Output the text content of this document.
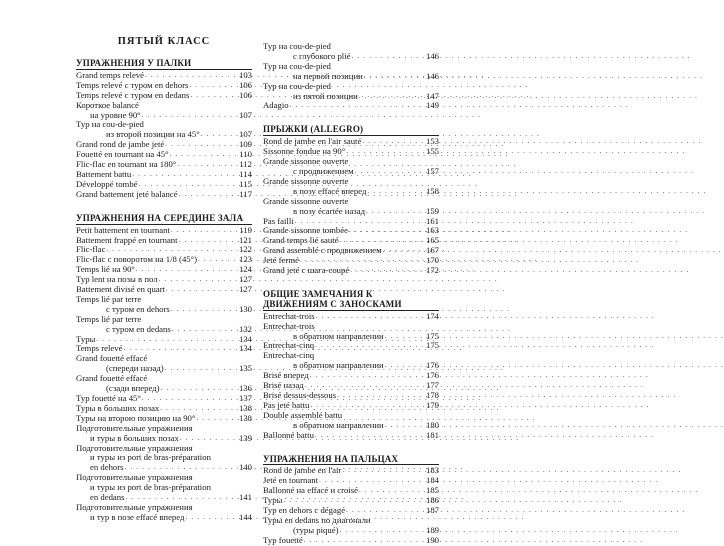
ПЯТЫЙ КЛАСС
УПРАЖНЕНИЯ У ПАЛКИ
Grand temps relevé . . .	103
Temps relevé с туром en dehors . . .	106
Temps relevé с туром en dedans . . .	106
Короткое balancé
на уровне 90° . . .	107
Тур на cou-de-pied
из второй позиции на 45° . . .	107
Grand rond de jambe jeté . . .	109
Fouetté en tournant на 45° . . .	110
Flic-flac en tournant на 180° . . .	112
Battement battu . . .	114
Développé tombé . . .	115
Grand battement jeté balancé . . .	117
УПРАЖНЕНИЯ НА СЕРЕДИНЕ ЗАЛА
Petit battement en tournant . . .	119
Battement frappé en tournant . . .	121
Flic-flac . . .	122
Flic-flac с поворотом на 1/8 (45°) . . .	123
Temps lié на 90° . . .	124
Тур lent на позы в пол . . .	127
Battement divisé en quart . . .	127
Temps lié par terre
с туром en dehors . . .	130
Temps lié par terre
с туром en dedans . . .	132
Туры . . .	134
Temps relevé . . .	134
Grand fouetté effacé
(спереди назад) . . .	135
Grand fouetté effacé
(сзади вперед) . . .	136
Тур fouetté на 45° . . .	137
Туры в больших позах . . .	138
Туры на второю позицию на 90° . . .	138
Подготовительные упражнения
и туры в больших позах . . .	139
Подготовительные упражнения
и туры из port de bras-préparation
en dehors . . .	140
Подготовительные упражнения
и туры из port de bras-préparation
en dedans . . .	141
Подготовительные упражнения
и тур в позе effacé вперед . . .	144
Тур на cou-de-pied
с глубокого plié . . .	146
Тур на cou-de-pied
на первой позиции . . .	146
Тур на cou-de-pied
из пятой позиции . . .	147
Adagio . . .	149
ПРЫЖКИ (ALLEGRO)
Rond de jambe en l'air sauté . . .	153
Sissonne fondue на 90° . . .	155
Grande sissonne ouverte
с продвижением . . .	157
Grande sissonne ouverte
в позу effacé вперед . . .	158
Grande sissonne ouverte
в позу écartée назад . . .	159
Pas failli . . .	161
Grande sissonne tombée . . .	163
Grand temps lié sauté . . .	165
Grand assemblé с продвижением . . .	167
Jeté fermé . . .	170
Grand jeté с шага-coupé . . .	172
ОБЩИЕ ЗАМЕЧАНИЯ К ДВИЖЕНИЯМ С ЗАНОСКАМИ
Entrechat-trois . . .	174
Entrechat-trois
в обратном направлении . . .	175
Entrechat-cinq . . .	175
Entrechat-cinq
в обратном направлении . . .	176
Brisé вперед . . .	176
Brisé назад . . .	177
Brisé dessus-dessous . . .	178
Pas jeté battu . . .	179
Double assemblé battu
в обратном направлении . . .	180
Ballonné battu . . .	181
УПРАЖНЕНИЯ НА ПАЛЬЦАХ
Rond de jambe en l'air . . .	183
Jeté en tournant . . .	184
Ballonné на effacé и croisé . . .	185
Туры . . .	186
Тур en dehors с dégagé . . .	187
Туры en dedans по диагонали
(туры piqué) . . .	189
Тур fouetté . . .	190
